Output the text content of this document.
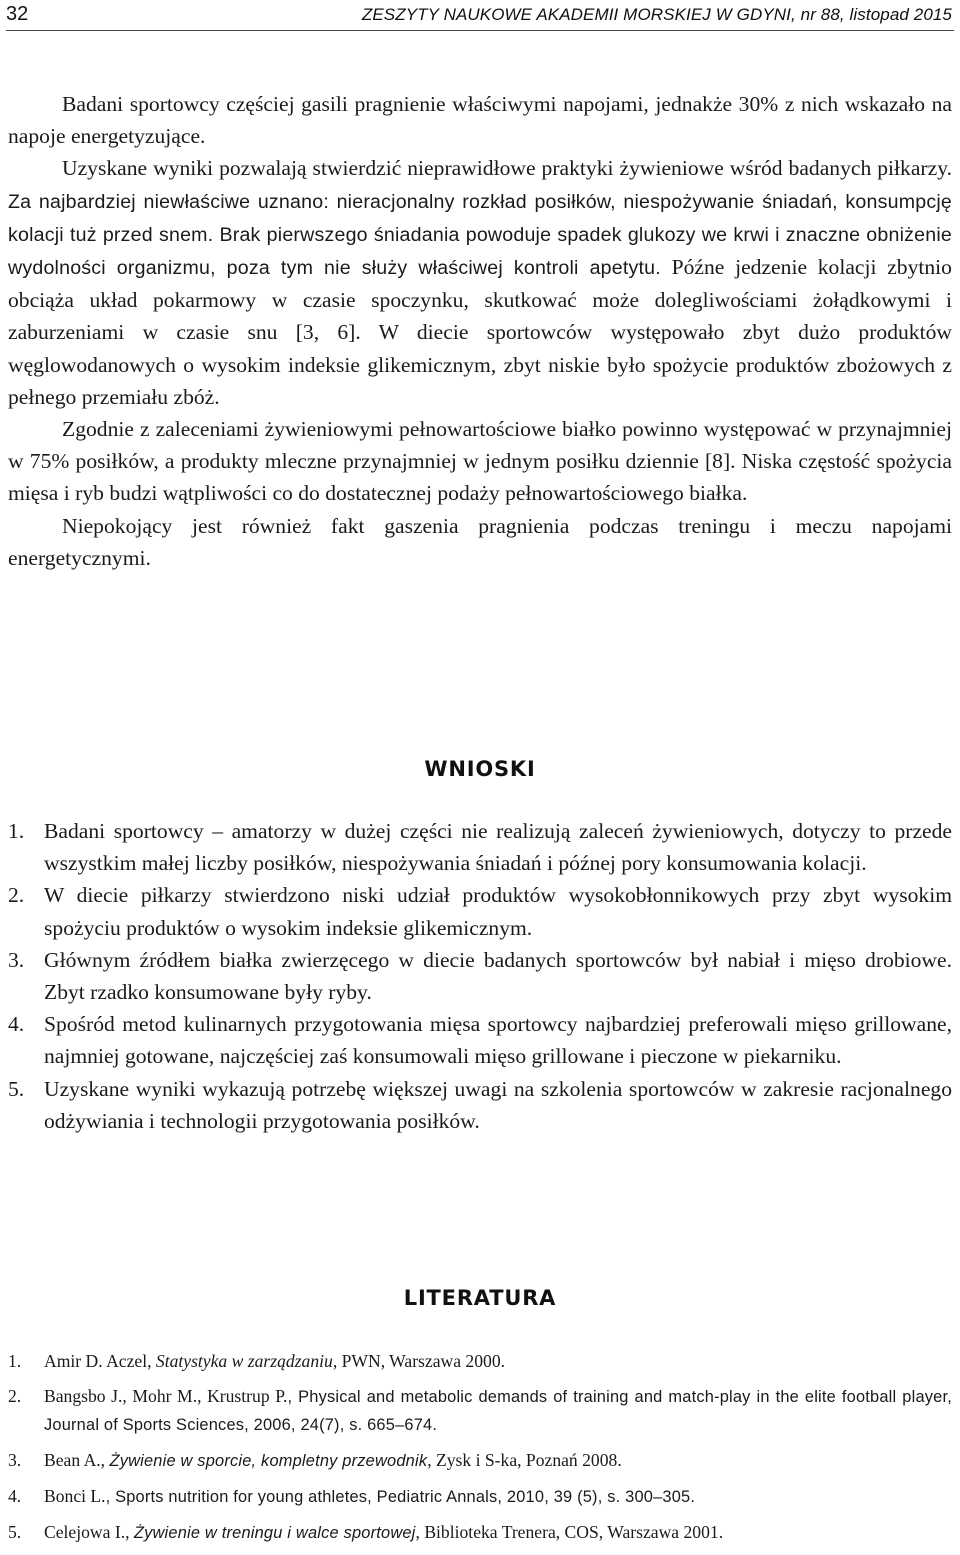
32	ZESZYTY NAUKOWE AKADEMII MORSKIEJ W GDYNI, nr 88, listopad 2015

Badani sportowcy częściej gasili pragnienie właściwymi napojami, jednakże 30% z nich wskazało na napoje energetyzujące.

Uzyskane wyniki pozwalają stwierdzić nieprawidłowe praktyki żywieniowe wśród badanych piłkarzy. Za najbardziej niewłaściwe uznano: nieracjonalny rozkład posiłków, niespożywanie śniadań, konsumpcję kolacji tuż przed snem. Brak pierwszego śniadania powoduje spadek glukozy we krwi i znaczne obniżenie wydolności organizmu, poza tym nie służy właściwej kontroli apetytu. Późne jedzenie kolacji zbytnio obciąża układ pokarmowy w czasie spoczynku, skutkować może dolegliwościami żołądkowymi i zaburzeniami w czasie snu [3, 6]. W diecie sportowców występowało zbyt dużo produktów węglowodanowych o wysokim indeksie glikemicznym, zbyt niskie było spożycie produktów zbożowych z pełnego przemiału zbóż.

Zgodnie z zaleceniami żywieniowymi pełnowartościowe białko powinno występować w przynajmniej w 75% posiłków, a produkty mleczne przynajmniej w jednym posiłku dziennie [8]. Niska częstość spożycia mięsa i ryb budzi wątpliwości co do dostatecznej podaży pełnowartościowego białka.

Niepokojący jest również fakt gaszenia pragnienia podczas treningu i meczu napojami energetycznymi.

WNIOSKI
1. Badani sportowcy – amatorzy w dużej części nie realizują zaleceń żywieniowych, dotyczy to przede wszystkim małej liczby posiłków, niespożywania śniadań i późnej pory konsumowania kolacji.
2. W diecie piłkarzy stwierdzono niski udział produktów wysokobłonnikowych przy zbyt wysokim spożyciu produktów o wysokim indeksie glikemicznym.
3. Głównym źródłem białka zwierzęcego w diecie badanych sportowców był nabiał i mięso drobiowe. Zbyt rzadko konsumowane były ryby.
4. Spośród metod kulinarnych przygotowania mięsa sportowcy najbardziej preferowali mięso grillowane, najmniej gotowane, najczęściej zaś konsumowali mięso grillowane i pieczone w piekarniku.
5. Uzyskane wyniki wykazują potrzebę większej uwagi na szkolenia sportowców w zakresie racjonalnego odżywiania i technologii przygotowania posiłków.
LITERATURA
1. Amir D. Aczel, Statystyka w zarządzaniu, PWN, Warszawa 2000.
2. Bangsbo J., Mohr M., Krustrup P., Physical and metabolic demands of training and match-play in the elite football player, Journal of Sports Sciences, 2006, 24(7), s. 665–674.
3. Bean A., Żywienie w sporcie, kompletny przewodnik, Zysk i S-ka, Poznań 2008.
4. Bonci L., Sports nutrition for young athletes, Pediatric Annals, 2010, 39 (5), s. 300–305.
5. Celejowa I., Żywienie w treningu i walce sportowej, Biblioteka Trenera, COS, Warszawa 2001.
